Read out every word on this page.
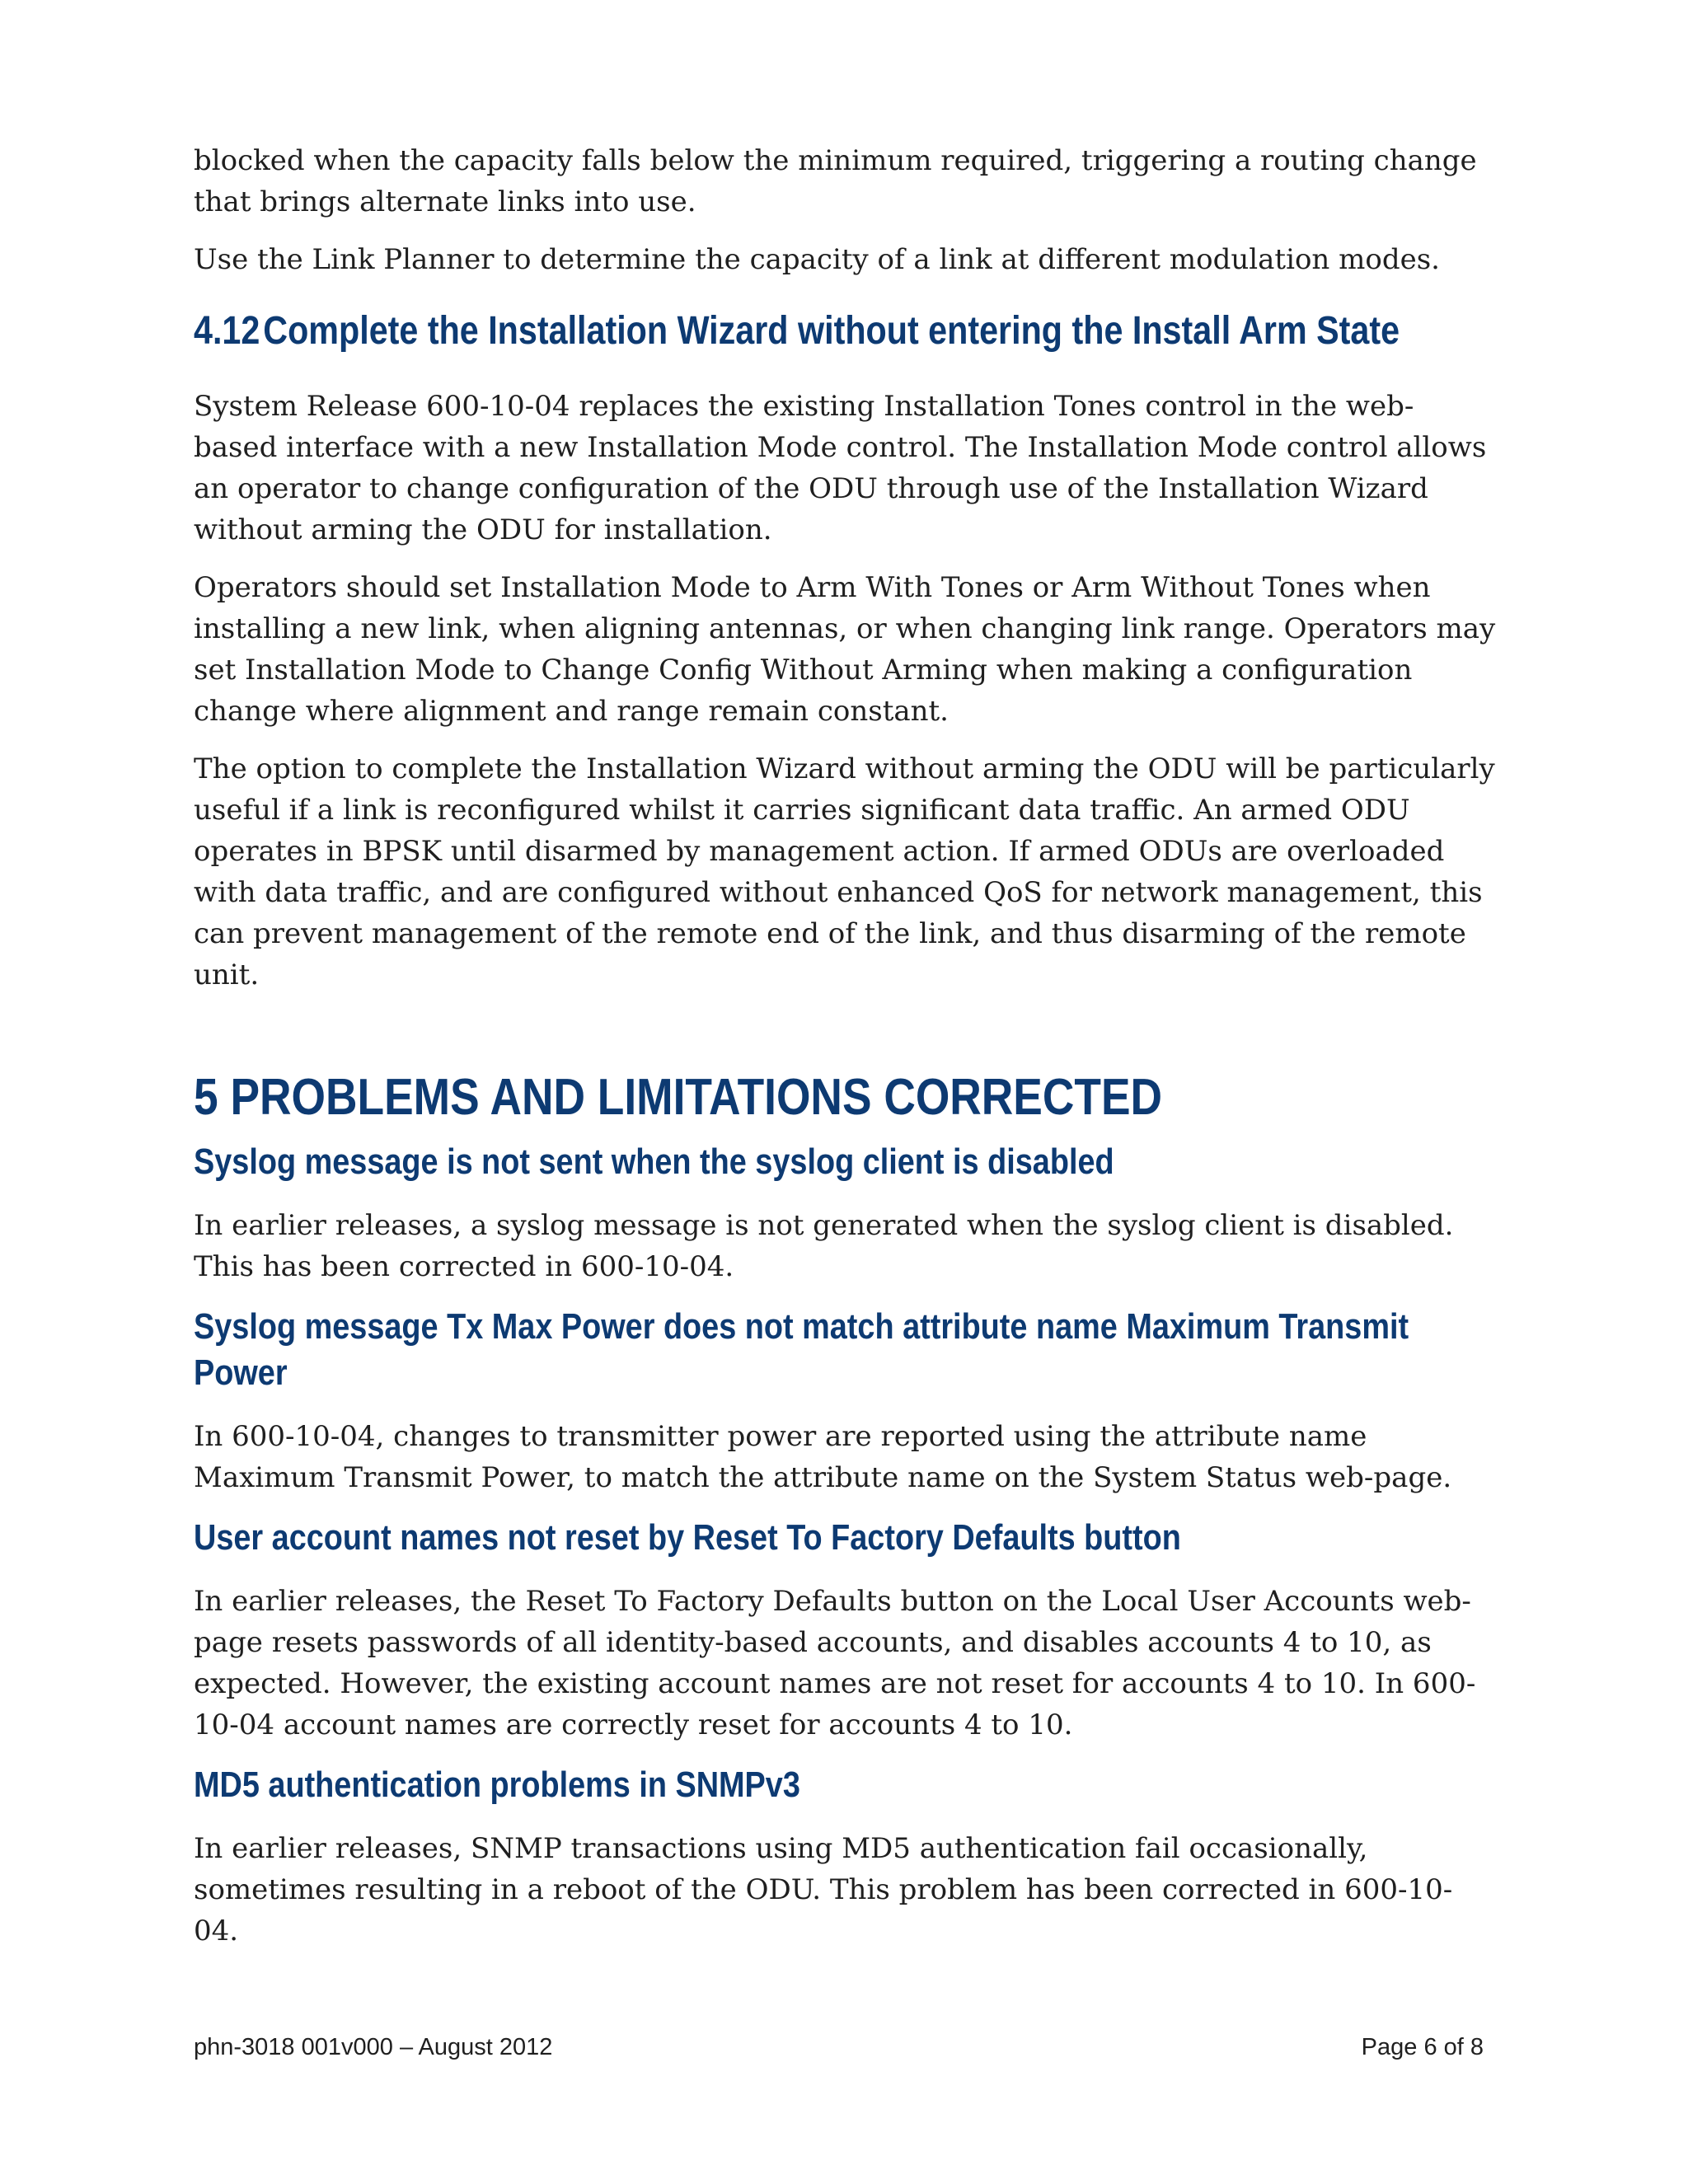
blocked when the capacity falls below the minimum required, triggering a routing change that brings alternate links into use.

Use the Link Planner to determine the capacity of a link at different modulation modes.

4.12 Complete the Installation Wizard without entering the Install Arm State

System Release 600-10-04 replaces the existing Installation Tones control in the web-based interface with a new Installation Mode control. The Installation Mode control allows an operator to change configuration of the ODU through use of the Installation Wizard without arming the ODU for installation.

Operators should set Installation Mode to Arm With Tones or Arm Without Tones when installing a new link, when aligning antennas, or when changing link range. Operators may set Installation Mode to Change Config Without Arming when making a configuration change where alignment and range remain constant.

The option to complete the Installation Wizard without arming the ODU will be particularly useful if a link is reconfigured whilst it carries significant data traffic. An armed ODU operates in BPSK until disarmed by management action. If armed ODUs are overloaded with data traffic, and are configured without enhanced QoS for network management, this can prevent management of the remote end of the link, and thus disarming of the remote unit.

5 PROBLEMS AND LIMITATIONS CORRECTED
Syslog message is not sent when the syslog client is disabled

In earlier releases, a syslog message is not generated when the syslog client is disabled. This has been corrected in 600-10-04.

Syslog message Tx Max Power does not match attribute name Maximum Transmit Power

In 600-10-04, changes to transmitter power are reported using the attribute name Maximum Transmit Power, to match the attribute name on the System Status web-page.

User account names not reset by Reset To Factory Defaults button

In earlier releases, the Reset To Factory Defaults button on the Local User Accounts web-page resets passwords of all identity-based accounts, and disables accounts 4 to 10, as expected. However, the existing account names are not reset for accounts 4 to 10. In 600-10-04 account names are correctly reset for accounts 4 to 10.

MD5 authentication problems in SNMPv3

In earlier releases, SNMP transactions using MD5 authentication fail occasionally, sometimes resulting in a reboot of the ODU. This problem has been corrected in 600-10-04.

phn-3018 001v000 – August 2012	Page 6 of 8
